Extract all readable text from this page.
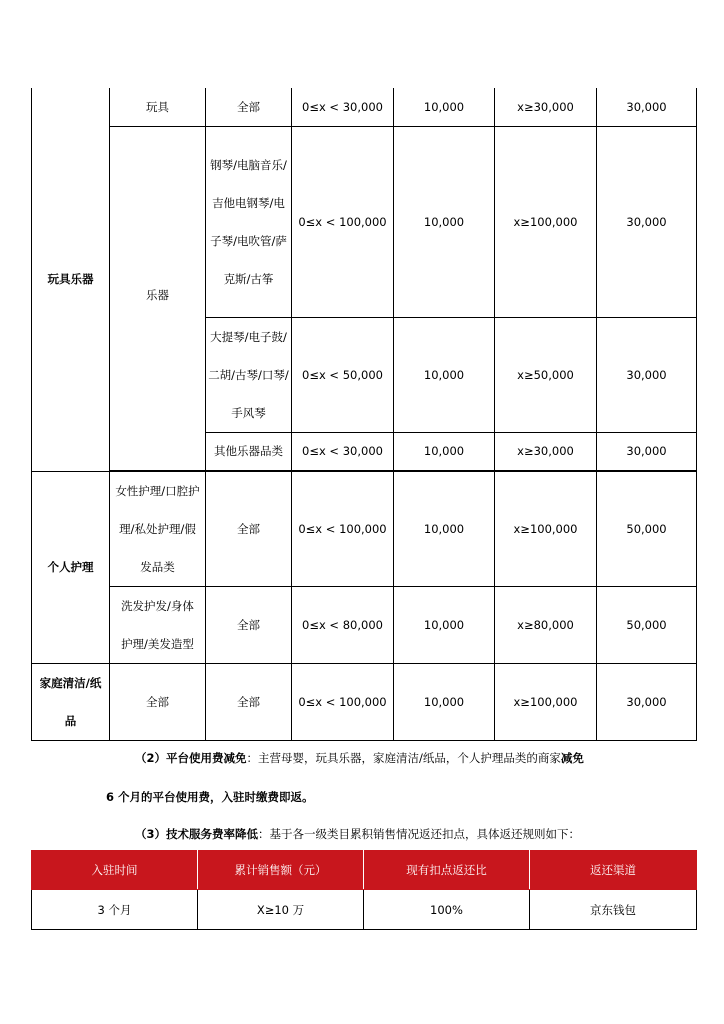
玩具乐器	玩具	全部	0≤x < 30,000	10,000	x≥30,000	30,000
	乐器	钢琴/电脑音乐/吉他电钢琴/电子琴/电吹管/萨克斯/古筝	0≤x < 100,000	10,000	x≥100,000	30,000
		大提琴/电子鼓/二胡/古琴/口琴/手风琴	0≤x < 50,000	10,000	x≥50,000	30,000
		其他乐器品类	0≤x < 30,000	10,000	x≥30,000	30,000

个人护理	女性护理/口腔护理/私处护理/假发品类	全部	0≤x < 100,000	10,000	x≥100,000	50,000
	洗发护发/身体护理/美发造型	全部	0≤x < 80,000	10,000	x≥80,000	50,000
家庭清洁/纸品	全部	全部	0≤x < 100,000	10,000	x≥100,000	30,000

（2）平台使用费减免：主营母婴，玩具乐器，家庭清洁/纸品，个人护理品类的商家减免

6 个月的平台使用费，入驻时缴费即返。

（3）技术服务费率降低：基于各一级类目累积销售情况返还扣点，具体返还规则如下：

入驻时间	累计销售额（元）	现有扣点返还比	返还渠道
3 个月	X≥10 万	100%	京东钱包
